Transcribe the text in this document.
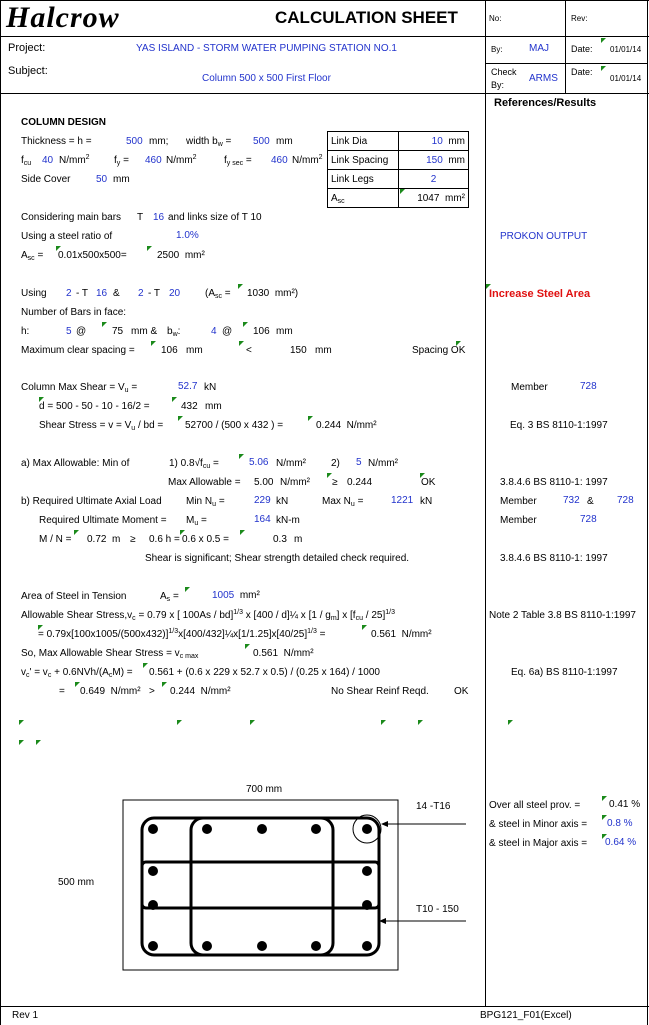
Halcrow	CALCULATION SHEET	No:	Rev:
Project:	YAS ISLAND - STORM WATER PUMPING STATION NO.1	By:	MAJ Date: 01/01/14
Subject:
Column 500 x 500 First Floor
Check
By:
ARMS
Date:
01/01/14
References/Results
COLUMN DESIGN
Thickness = h =	500 mm; width $b_w = 500$ mm
$f_{cu}$ 40 $N/mm^2$ $f_y = 460$ $N/mm^2$	$f_{y sec} = 460$ $N/mm^2$
Side Cover	50 mm
Link Dia	10 mm
Link Spacing	150 mm
Link Legs	2
$A_{sc}$	1047 mm²
Considering main bars T 16 and links size of T 10
Using a steel ratio of	1.0%	PROKON OUTPUT
$A_{sc} = 0.01x500x500=$	2500 mm²
Using 2 - T 16 & 2 - T 20 ($A_{sc} = 1030$ mm²)	Increase Steel Area
Number of Bars in face:
h:	5 @	75 mm & $b_w$:	4 @ 106 mm
Maximum clear spacing =	106 mm	<	150 mm	Spacing OK
Column Max Shear = $V_u$ =	52.7 kN	Member	728
d = 500 - 50 - 10 - 16/2 =	432 mm
Shear Stress = $v = V_u$ / bd = 52700 / (500 x 432 ) =	0.244 N/mm²	Eq. 3 BS 8110-1:1997
a) Max Allowable: Min of	1) $0.8√f_{cu}$ =	5.06 N/mm²	2) 5 N/mm²
Max Allowable = 5.00 N/mm² ≥ 0.244	OK	3.8.4.6 BS 8110-1: 1997
b) Required Ultimate Axial Load Min $N_u$ =	229 kN	Max $N_u$ =	1221 kN	Member	732 & 728
Required Ultimate Moment = $M_u$ =	164 kN-m	Member	728
M / N = 0.72 m ≥ 0.6 h = 0.6 x 0.5 =	0.3 m
Shear is significant; Shear strength detailed check required.	3.8.4.6 BS 8110-1: 1997
Area of Steel in Tension	$A_s$ =	1005 mm²
Allowable Shear $Stress,v_c = 0.79$ x [ 100As / bd]$^{1/3}$ x [400 / d]¼ x $[1 / g_m]$ x $[f_{cu} / 25]^{1/3}$	Note 2 Table 3.8 BS 8110-1:1997
= $0.79x[100x1005/(500x432)]^{1/3}x[400/432]\frac{1}{4}x[1/1.25]x[40/25]^{1/3}$ =	0.561 N/mm²
So, Max Allowable Shear Stress = $v_{c max}$	0.561 N/mm²
$v_c' = v_c + 0.6NVh/(A_cM) = 0.561 + (0.6$ x 229 x 52.7 x 0.5) / (0.25 x 164) / 1000	Eq. 6a) BS 8110-1:1997
= 0.649 N/mm² > 0.244 N/mm²	No Shear Reinf Reqd.	OK
700 mm
500 mm
14 -T16
T10 - 150
Over all steel prov. =	0.41 %
& steel in Minor axis = 0.8 %
& steel in Major axis = 0.64 %
Rev 1	BPG121_F01(Excel)
